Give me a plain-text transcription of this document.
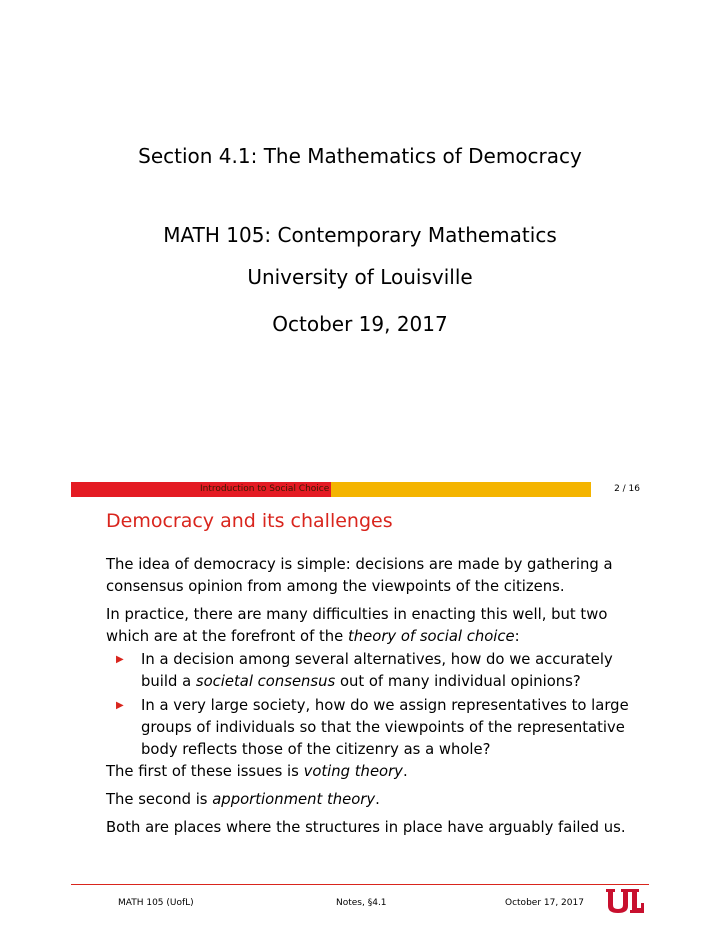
Section 4.1: The Mathematics of Democracy
MATH 105: Contemporary Mathematics
University of Louisville
October 19, 2017
Introduction to Social Choice	2 / 16
Democracy and its challenges

The idea of democracy is simple: decisions are made by gathering a consensus opinion from among the viewpoints of the citizens.

In practice, there are many difficulties in enacting this well, but two which are at the forefront of the theory of social choice:

▶ In a decision among several alternatives, how do we accurately build a societal consensus out of many individual opinions?
▶ In a very large society, how do we assign representatives to large groups of individuals so that the viewpoints of the representative body reflects those of the citizenry as a whole?

The first of these issues is voting theory.

The second is apportionment theory.

Both are places where the structures in place have arguably failed us.

MATH 105 (UofL)	Notes, §4.1	October 17, 2017	OF
